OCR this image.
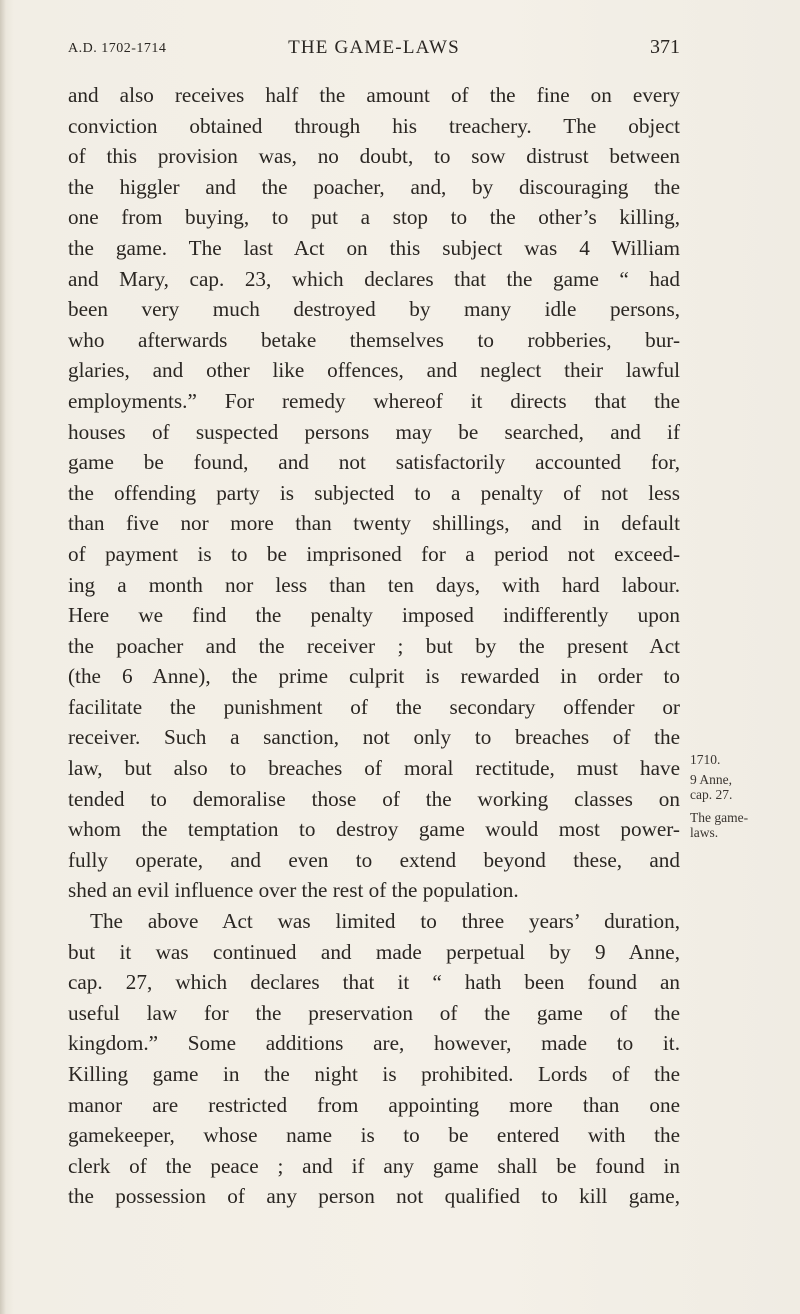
A.D. 1702-1714	THE GAME-LAWS	371
and also receives half the amount of the fine on every
conviction obtained through his treachery. The object
of this provision was, no doubt, to sow distrust between
the higgler and the poacher, and, by discouraging the
one from buying, to put a stop to the other’s killing,
the game. The last Act on this subject was 4 William
and Mary, cap. 23, which declares that the game “ had
been very much destroyed by many idle persons,
who afterwards betake themselves to robberies, bur-
glaries, and other like offences, and neglect their lawful
employments.” For remedy whereof it directs that the
houses of suspected persons may be searched, and if
game be found, and not satisfactorily accounted for,
the offending party is subjected to a penalty of not less
than five nor more than twenty shillings, and in default
of payment is to be imprisoned for a period not exceed-
ing a month nor less than ten days, with hard labour.
Here we find the penalty imposed indifferently upon
the poacher and the receiver ; but by the present Act
(the 6 Anne), the prime culprit is rewarded in order to
facilitate the punishment of the secondary offender or
receiver. Such a sanction, not only to breaches of the
law, but also to breaches of moral rectitude, must have
tended to demoralise those of the working classes on
whom the temptation to destroy game would most power-
fully operate, and even to extend beyond these, and
shed an evil influence over the rest of the population.
The above Act was limited to three years’ duration,
but it was continued and made perpetual by 9 Anne,
cap. 27, which declares that it “ hath been found an
useful law for the preservation of the game of the
kingdom.” Some additions are, however, made to it.
Killing game in the night is prohibited. Lords of the
manor are restricted from appointing more than one
gamekeeper, whose name is to be entered with the
clerk of the peace ; and if any game shall be found in
the possession of any person not qualified to kill game,
1710.
9 Anne,
cap. 27.
The game-
laws.
